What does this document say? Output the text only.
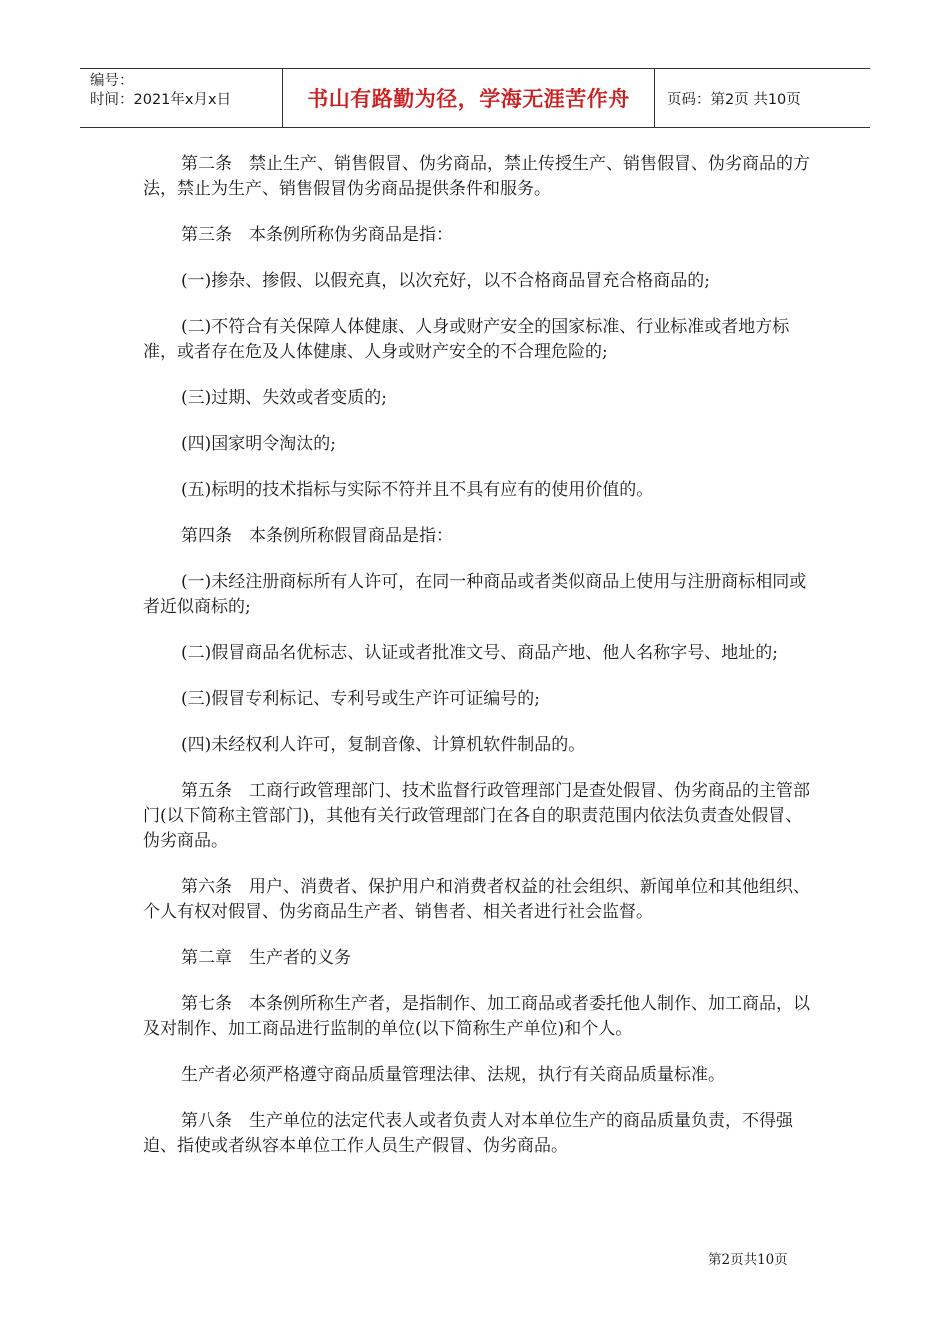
编号：
时间：2021年x月x日	书山有路勤为径，学海无涯苦作舟	页码：第2页 共10页

第二条　禁止生产、销售假冒、伪劣商品，禁止传授生产、销售假冒、伪劣商品的方法，禁止为生产、销售假冒伪劣商品提供条件和服务。

第三条　本条例所称伪劣商品是指：

(一)掺杂、掺假、以假充真，以次充好，以不合格商品冒充合格商品的;

(二)不符合有关保障人体健康、人身或财产安全的国家标准、行业标准或者地方标准，或者存在危及人体健康、人身或财产安全的不合理危险的;

(三)过期、失效或者变质的;

(四)国家明令淘汰的;

(五)标明的技术指标与实际不符并且不具有应有的使用价值的。

第四条　本条例所称假冒商品是指：

(一)未经注册商标所有人许可，在同一种商品或者类似商品上使用与注册商标相同或者近似商标的;

(二)假冒商品名优标志、认证或者批准文号、商品产地、他人名称字号、地址的;

(三)假冒专利标记、专利号或生产许可证编号的;

(四)未经权利人许可，复制音像、计算机软件制品的。

第五条　工商行政管理部门、技术监督行政管理部门是查处假冒、伪劣商品的主管部门(以下简称主管部门)，其他有关行政管理部门在各自的职责范围内依法负责查处假冒、伪劣商品。

第六条　用户、消费者、保护用户和消费者权益的社会组织、新闻单位和其他组织、个人有权对假冒、伪劣商品生产者、销售者、相关者进行社会监督。

第二章　生产者的义务

第七条　本条例所称生产者，是指制作、加工商品或者委托他人制作、加工商品，以及对制作、加工商品进行监制的单位(以下简称生产单位)和个人。

生产者必须严格遵守商品质量管理法律、法规，执行有关商品质量标准。

第八条　生产单位的法定代表人或者负责人对本单位生产的商品质量负责，不得强迫、指使或者纵容本单位工作人员生产假冒、伪劣商品。

第2页共10页
